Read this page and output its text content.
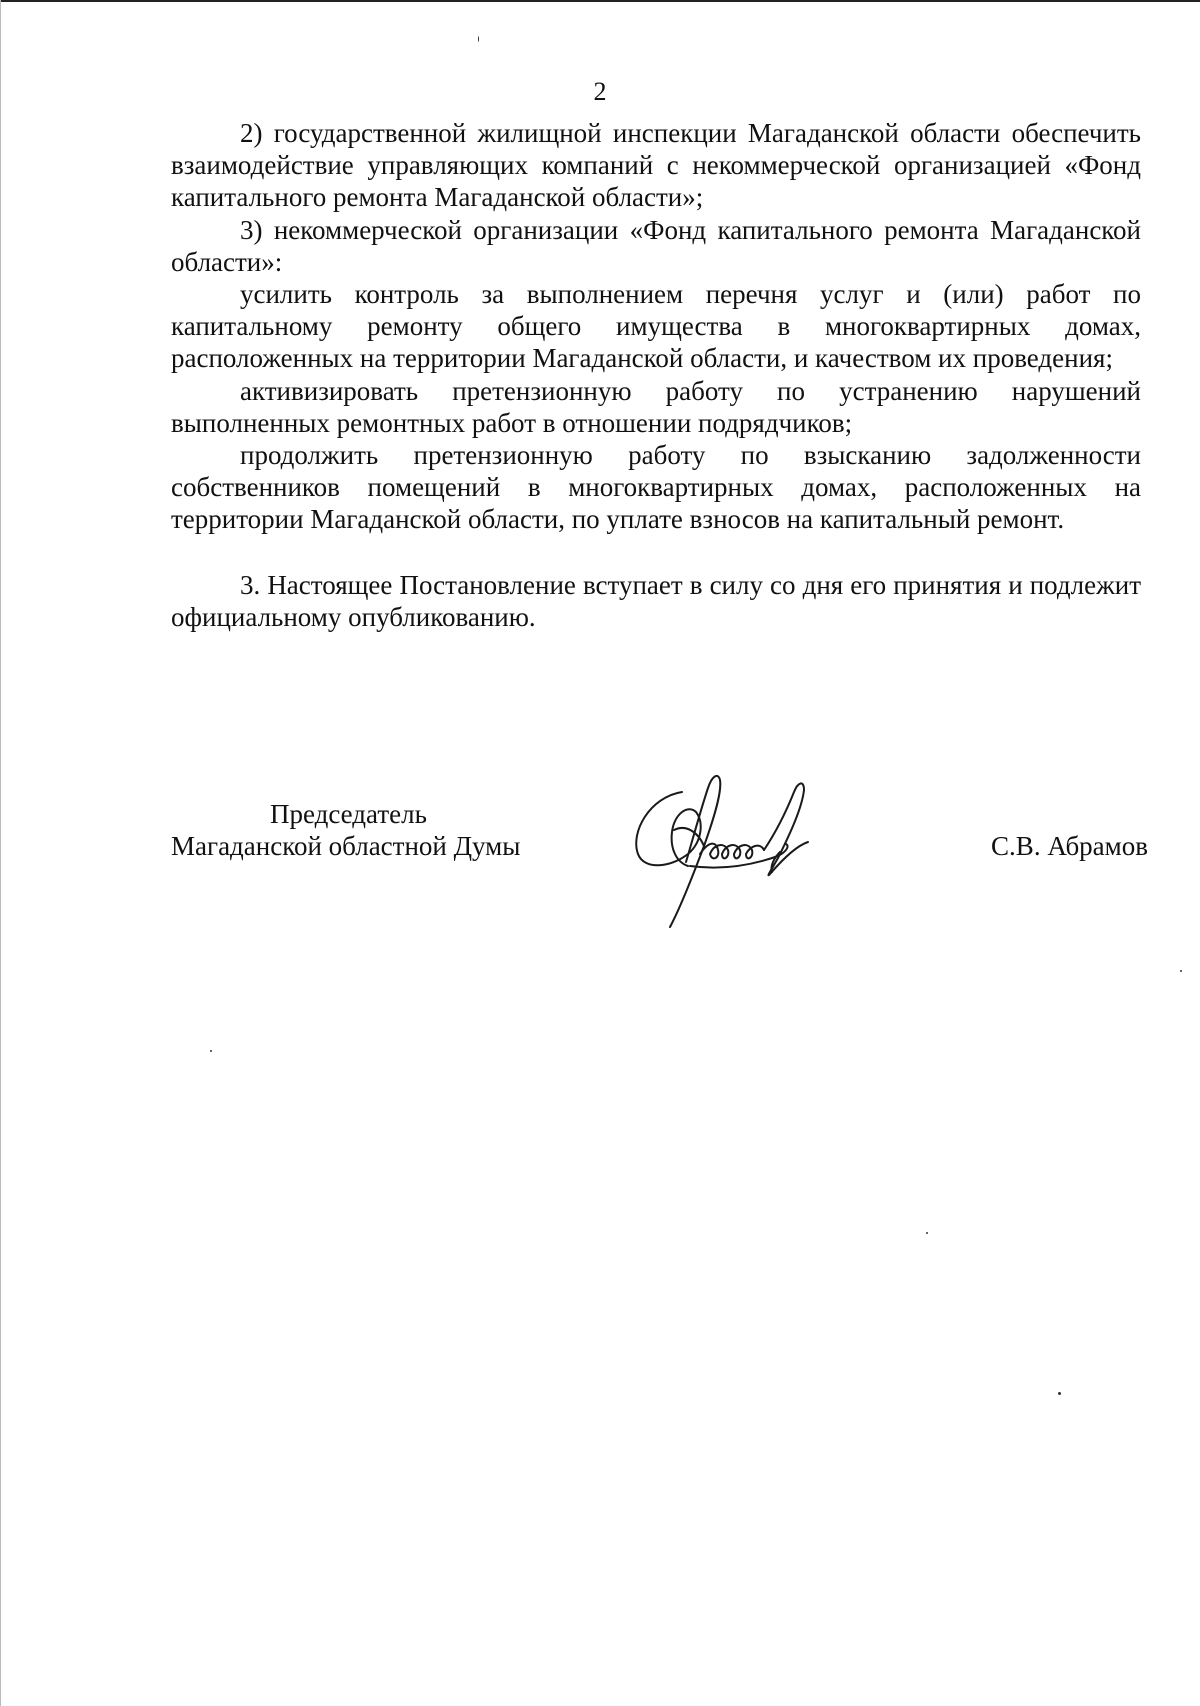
2

2) государственной жилищной инспекции Магаданской области обеспечить взаимодействие управляющих компаний с некоммерческой организацией «Фонд капитального ремонта Магаданской области»;

3) некоммерческой организации «Фонд капитального ремонта Магаданской области»:

усилить контроль за выполнением перечня услуг и (или) работ по капитальному ремонту общего имущества в многоквартирных домах, расположенных на территории Магаданской области, и качеством их проведения;

активизировать претензионную работу по устранению нарушений выполненных ремонтных работ в отношении подрядчиков;

продолжить претензионную работу по взысканию задолженности собственников помещений в многоквартирных домах, расположенных на территории Магаданской области, по уплате взносов на капитальный ремонт.

3. Настоящее Постановление вступает в силу со дня его принятия и подлежит официальному опубликованию.

Председатель
Магаданской областной Думы	С.В. Абрамов
